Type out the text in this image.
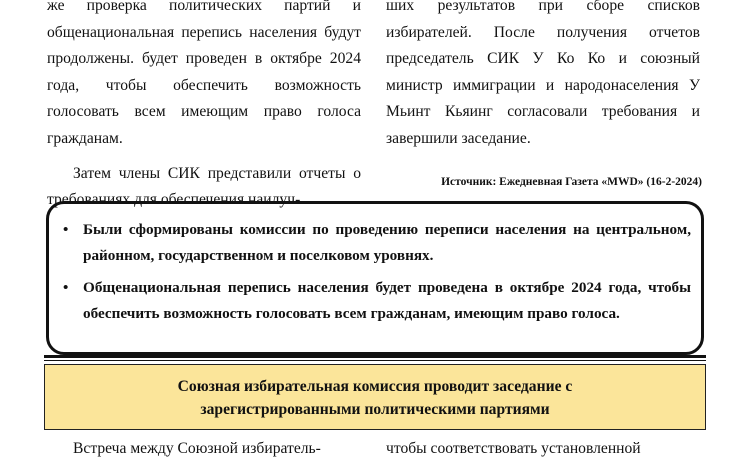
же проверка политических партий и общенациональная перепись населения будут продолжены. будет проведен в октябре 2024 года, чтобы обеспечить возможность голосовать всем имеющим право голоса гражданам.

Затем члены СИК представили отчеты о требованиях для обеспечения наилуч-

ших результатов при сборе списков избирателей. После получения отчетов председатель СИК У Ко Ко и союзный министр иммиграции и народонаселения У Мьинт Кьяинг согласовали требования и завершили заседание.

Источник: Ежедневная Газета «MWD» (16-2-2024)
• Были сформированы комиссии по проведению переписи населения на центральном, районном, государственном и поселковом уровнях.
• Общенациональная перепись населения будет проведена в октябре 2024 года, чтобы обеспечить возможность голосовать всем гражданам, имеющим право голоса.
Союзная избирательная комиссия проводит заседание с
зарегистрированными политическими партиями
Встреча между Союзной избиратель-	чтобы соответствовать установленной
